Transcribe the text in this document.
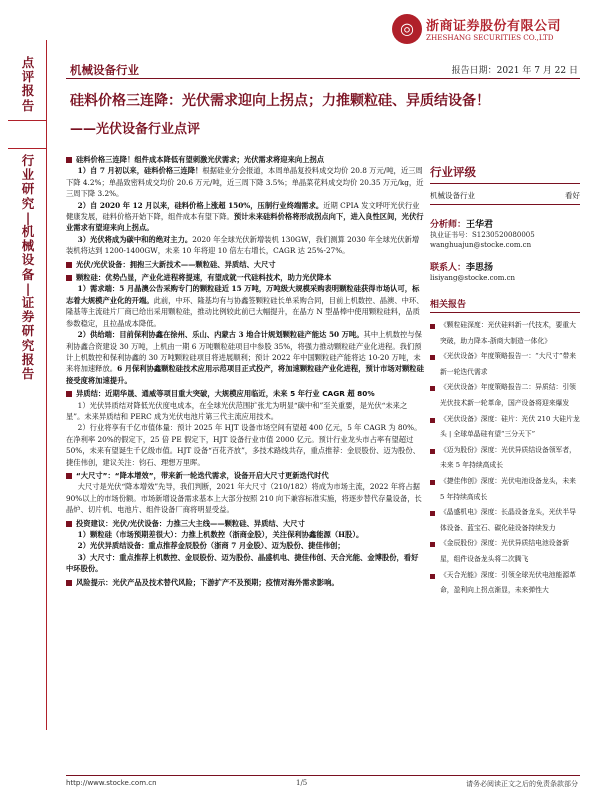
◎ 浙商证券股份有限公司
ZHESHANG SECURITIES CO.,LTD
机械设备行业	报告日期：2021 年 7 月 22 日
点
评
报
告
行
业
研
究
|
机
械
设
备
|
证
券
研
究
报
告
硅料价格三连降：光伏需求迎向上拐点；力推颗粒硅、异质结设备！
——光伏设备行业点评
硅料价格三连降！组件成本降低有望刺激光伏需求；光伏需求将迎来向上拐点
1）自 7 月初以来，硅料价格三连降！根据硅业分会报道，本周单晶复投料成交均价 20.8 万元/吨，近三周下降 4.2%；单晶致密料成交均价 20.6 万元/吨，近三周下降 3.5%；单晶菜花料成交均价 20.35 万元/kg，近三周下降 3.2%。
2）自 2020 年 12 月以来，硅料价格上涨超 150%，压制行业终端需求。近期 CPIA 发文呼吁光伏行业健康发展，硅料价格开始下降，组件成本有望下降。预计未来硅料价格将形成拐点向下，进入良性区间，光伏行业需求有望迎来向上拐点。
3）光伏将成为碳中和的绝对主力。2020 年全球光伏新增装机 130GW，我们测算 2030 年全球光伏新增装机将达到 1200-1400GW，未来 10 年将迎 10 倍左右增长，CAGR 达 25%-27%。
光伏/光伏设备：拥抱三大新技术——颗粒硅、异质结、大尺寸
颗粒硅：优势凸显，产业化进程将提速，有望成就一代硅料技术，助力光伏降本
1）需求端：5 月晶澳公告采购专门的颗粒硅近 15 万吨，万吨级大规模采购表明颗粒硅获得市场认可，标志着大规模产业化的开端。此前，中环、隆基均有与协鑫签颗粒硅长单采购合同，目前上机数控、晶澳、中环、隆基等主流硅片厂商已给出采用颗粒硅，推动比例较此前已大幅提升，在晶方 N 型晶棒中使用颗粒硅料，品质参数稳定，且拉晶成本降低。
2）供给端：目前保利协鑫在徐州、乐山、内蒙古 3 地合计规划颗粒硅产能达 50 万吨。其中上机数控与保利协鑫合资建设 30 万吨，上机由一期 6 万吨颗粒硅项目中参股 35%，将强力推动颗粒硅产业化进程。我们预计上机数控和保利协鑫的 30 万吨颗粒硅项目将进展顺利；预计 2022 年中国颗粒硅产能将达 10-20 万吨，未来将加速释放。6 月保利协鑫颗粒硅技术应用示范项目正式投产，将加速颗粒硅产业化进程，预计市场对颗粒硅接受度将加速提升。
异质结：近期华晟、通威等项目重大突破，大规模应用临近，未来 5 年行业 CAGR 超 80%
1）光伏异质结对降低光伏度电成本，在全球光伏范围扩张尤为明显“碳中和”至关重要，是光伏“未来之星”。未来异质结和 PERC 成为光伏电池片第三代主流应用技术。
2）行业将享有千亿市值体量：预计 2025 年 HJT 设备市场空间有望超 400 亿元，5 年 CAGR 为 80%。在净利率 20%的假定下，25 倍 PE 假定下，HJT 设备行业市值 2000 亿元。预计行业龙头市占率有望超过 50%，未来有望诞生千亿级市值。HJT 设备“百花齐放”，多技术路线共存，重点推荐：金辰股份、迈为股份、捷佳伟创，建议关注：钧石、理想万里晖。
“大尺寸”：“降本增效”，带来新一轮迭代需求，设备开启大尺寸更新迭代时代
大尺寸是光伏“降本增效”先导，我们判断，2021 年大尺寸（210/182）将成为市场主流，2022 年将占据 90%以上的市场份额。市场新增设备需求基本上大部分按照 210 向下兼容标准实施，将逐步替代存量设备，长晶炉、切片机、电池片、组件设备厂商将明显受益。
投资建议：光伏/光伏设备：力推三大主线——颗粒硅、异质结、大尺寸
1）颗粒硅（市场预期差很大）：力推上机数控（浙商金股），关注保利协鑫能源（H股）。
2）光伏异质结设备：重点推荐金辰股份（浙商 7 月金股）、迈为股份、捷佳伟创；
3）大尺寸：重点推荐上机数控、金辰股份、迈为股份、晶盛机电、捷佳伟创、天合光能、金博股份，看好中环股份。
风险提示：光伏产品及技术替代风险；下游扩产不及预期；疫情对海外需求影响。
行业评级
机械设备行业	看好
分析师：王华君
执业证书号：S1230520080005
wanghuajun@stocke.com.cn
联系人：李思扬
lisiyang@stocke.com.cn
相关报告
《颗粒硅深度：光伏硅料新一代技术，要重大突破，助力降本-浙商大制造一体化》
《光伏设备》年度策略报告一：“大尺寸”带来新一轮迭代需求
《光伏设备》年度策略报告二：异质结：引领光伏技术新一轮革命，国产设备将迎来爆发
《光伏设备》深度：硅片：光伏 210 大硅片龙头 | 全球单晶硅有望“三分天下”
《迈为股份》深度：光伏异质结设备领军者，未来 5 年持续高成长
《捷佳伟创》深度：光伏电池设备龙头，未来 5 年持续高成长
《晶盛机电》深度：长晶设备龙头，光伏半导体设备、蓝宝石、碳化硅设备持续发力
《金辰股份》深度：光伏异质结电池设备新星，组件设备龙头将二次腾飞
《天合光能》深度：引领全球光伏电池能源革命，盈利向上拐点渐显，未来弹性大
http://www.stocke.com.cn	1/5	请务必阅读正文之后的免责条款部分
